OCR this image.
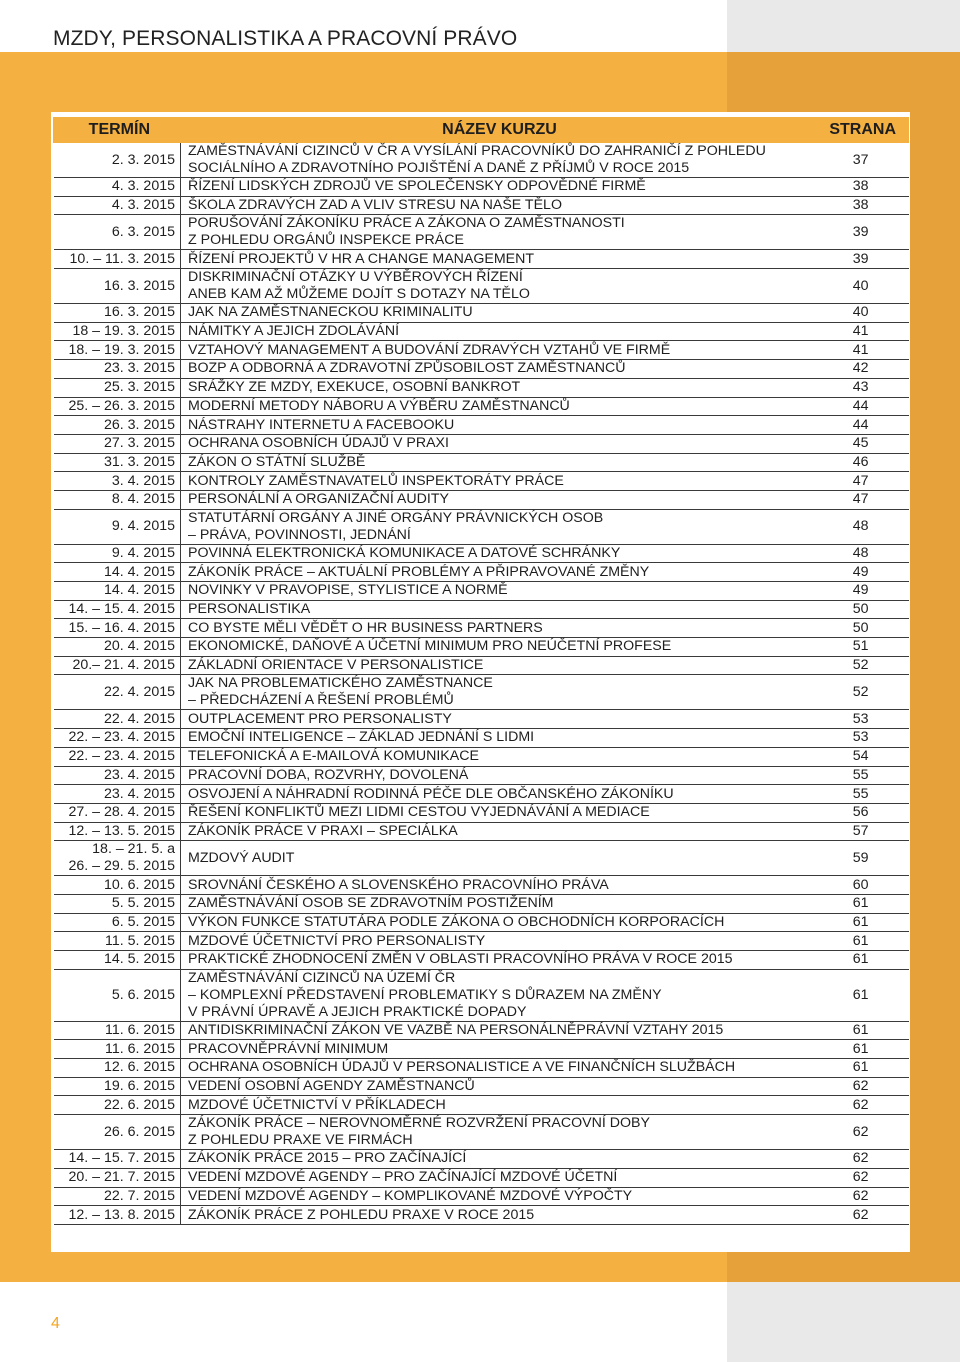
MZDY, PERSONALISTIKA A PRACOVNÍ PRÁVO
TERMÍN	NÁZEV KURZU	STRANA
2. 3. 2015	ZAMĚSTNÁVÁNÍ CIZINCŮ V ČR A VYSÍLÁNÍ PRACOVNÍKŮ DO ZAHRANIČÍ Z POHLEDU
SOCIÁLNÍHO A ZDRAVOTNÍHO POJIŠTĚNÍ A DANĚ Z PŘÍJMŮ V ROCE 2015	37
4. 3. 2015	ŘÍZENÍ LIDSKÝCH ZDROJŮ VE SPOLEČENSKY ODPOVĚDNÉ FIRMĚ	38
4. 3. 2015	ŠKOLA ZDRAVÝCH ZAD A VLIV STRESU NA NAŠE TĚLO	38
6. 3. 2015	PORUŠOVÁNÍ ZÁKONÍKU PRÁCE A ZÁKONA O ZAMĚSTNANOSTI
Z POHLEDU ORGÁNŮ INSPEKCE PRÁCE	39
10. – 11. 3. 2015	ŘÍZENÍ PROJEKTŮ V HR A CHANGE MANAGEMENT	39
16. 3. 2015	DISKRIMINAČNÍ OTÁZKY U VÝBĚROVÝCH ŘÍZENÍ
ANEB KAM AŽ MŮŽEME DOJÍT S DOTAZY NA TĚLO	40
16. 3. 2015	JAK NA ZAMĚSTNANECKOU KRIMINALITU	40
18 – 19. 3. 2015	NÁMITKY A JEJICH ZDOLÁVÁNÍ	41
18. – 19. 3. 2015	VZTAHOVÝ MANAGEMENT A BUDOVÁNÍ ZDRAVÝCH VZTAHŮ VE FIRMĚ	41
23. 3. 2015	BOZP A ODBORNÁ A ZDRAVOTNÍ ZPŮSOBILOST ZAMĚSTNANCŮ	42
25. 3. 2015	SRÁŽKY ZE MZDY, EXEKUCE, OSOBNÍ BANKROT	43
25. – 26. 3. 2015	MODERNÍ METODY NÁBORU A VÝBĚRU ZAMĚSTNANCŮ	44
26. 3. 2015	NÁSTRAHY INTERNETU A FACEBOOKU	44
27. 3. 2015	OCHRANA OSOBNÍCH ÚDAJŮ V PRAXI	45
31. 3. 2015	ZÁKON O STÁTNÍ SLUŽBĚ	46
3. 4. 2015	KONTROLY ZAMĚSTNAVATELŮ INSPEKTORÁTY PRÁCE	47
8. 4. 2015	PERSONÁLNÍ A ORGANIZAČNÍ AUDITY	47
9. 4. 2015	STATUTÁRNÍ ORGÁNY A JINÉ ORGÁNY PRÁVNICKÝCH OSOB
– PRÁVA, POVINNOSTI, JEDNÁNÍ	48
9. 4. 2015	POVINNÁ ELEKTRONICKÁ KOMUNIKACE A DATOVÉ SCHRÁNKY	48
14. 4. 2015	ZÁKONÍK PRÁCE – AKTUÁLNÍ PROBLÉMY A PŘIPRAVOVANÉ ZMĚNY	49
14. 4. 2015	NOVINKY V PRAVOPISE, STYLISTICE A NORMĚ	49
14. – 15. 4. 2015	PERSONALISTIKA	50
15. – 16. 4. 2015	CO BYSTE MĚLI VĚDĚT O HR BUSINESS PARTNERS	50
20. 4. 2015	EKONOMICKÉ, DAŇOVÉ A ÚČETNÍ MINIMUM PRO NEÚČETNÍ PROFESE	51
20.– 21. 4. 2015	ZÁKLADNÍ ORIENTACE V PERSONALISTICE	52
22. 4. 2015	JAK NA PROBLEMATICKÉHO ZAMĚSTNANCE
– PŘEDCHÁZENÍ A ŘEŠENÍ PROBLÉMŮ	52
22. 4. 2015	OUTPLACEMENT PRO PERSONALISTY	53
22. – 23. 4. 2015	EMOČNÍ INTELIGENCE – ZÁKLAD JEDNÁNÍ S LIDMI	53
22. – 23. 4. 2015	TELEFONICKÁ A E-MAILOVÁ KOMUNIKACE	54
23. 4. 2015	PRACOVNÍ DOBA, ROZVRHY, DOVOLENÁ	55
23. 4. 2015	OSVOJENÍ A NÁHRADNÍ RODINNÁ PÉČE DLE OBČANSKÉHO ZÁKONÍKU	55
27. – 28. 4. 2015	ŘEŠENÍ KONFLIKTŮ MEZI LIDMI CESTOU VYJEDNÁVÁNÍ A MEDIACE	56
12. – 13. 5. 2015	ZÁKONÍK PRÁCE V PRAXI – SPECIÁLKA	57
18. – 21. 5. a
26. – 29. 5. 2015	MZDOVÝ AUDIT	59
10. 6. 2015	SROVNÁNÍ ČESKÉHO A SLOVENSKÉHO PRACOVNÍHO PRÁVA	60
5. 5. 2015	ZAMĚSTNÁVÁNÍ OSOB SE ZDRAVOTNÍM POSTIŽENÍM	61
6. 5. 2015	VÝKON FUNKCE STATUTÁRA PODLE ZÁKONA O OBCHODNÍCH KORPORACÍCH	61
11. 5. 2015	MZDOVÉ ÚČETNICTVÍ PRO PERSONALISTY	61
14. 5. 2015	PRAKTICKÉ ZHODNOCENÍ ZMĚN V OBLASTI PRACOVNÍHO PRÁVA V ROCE 2015	61
5. 6. 2015	ZAMĚSTNÁVÁNÍ CIZINCŮ NA ÚZEMÍ ČR
– KOMPLEXNÍ PŘEDSTAVENÍ PROBLEMATIKY S DŮRAZEM NA ZMĚNY
V PRÁVNÍ ÚPRAVĚ A JEJICH PRAKTICKÉ DOPADY	61
11. 6. 2015	ANTIDISKRIMINAČNÍ ZÁKON VE VAZBĚ NA PERSONÁLNĚPRÁVNÍ VZTAHY 2015	61
11. 6. 2015	PRACOVNĚPRÁVNÍ MINIMUM	61
12. 6. 2015	OCHRANA OSOBNÍCH ÚDAJŮ V PERSONALISTICE A VE FINANČNÍCH SLUŽBÁCH	61
19. 6. 2015	VEDENÍ OSOBNÍ AGENDY ZAMĚSTNANCŮ	62
22. 6. 2015	MZDOVÉ ÚČETNICTVÍ V PŘÍKLADECH	62
26. 6. 2015	ZÁKONÍK PRÁCE – NEROVNOMĚRNÉ ROZVRŽENÍ PRACOVNÍ DOBY
Z POHLEDU PRAXE VE FIRMÁCH	62
14. – 15. 7. 2015	ZÁKONÍK PRÁCE 2015 – PRO ZAČÍNAJÍCÍ	62
20. – 21. 7. 2015	VEDENÍ MZDOVÉ AGENDY – PRO ZAČÍNAJÍCÍ MZDOVÉ ÚČETNÍ	62
22. 7. 2015	VEDENÍ MZDOVÉ AGENDY – KOMPLIKOVANÉ MZDOVÉ VÝPOČTY	62
12. – 13. 8. 2015	ZÁKONÍK PRÁCE Z POHLEDU PRAXE V ROCE 2015	62
4
